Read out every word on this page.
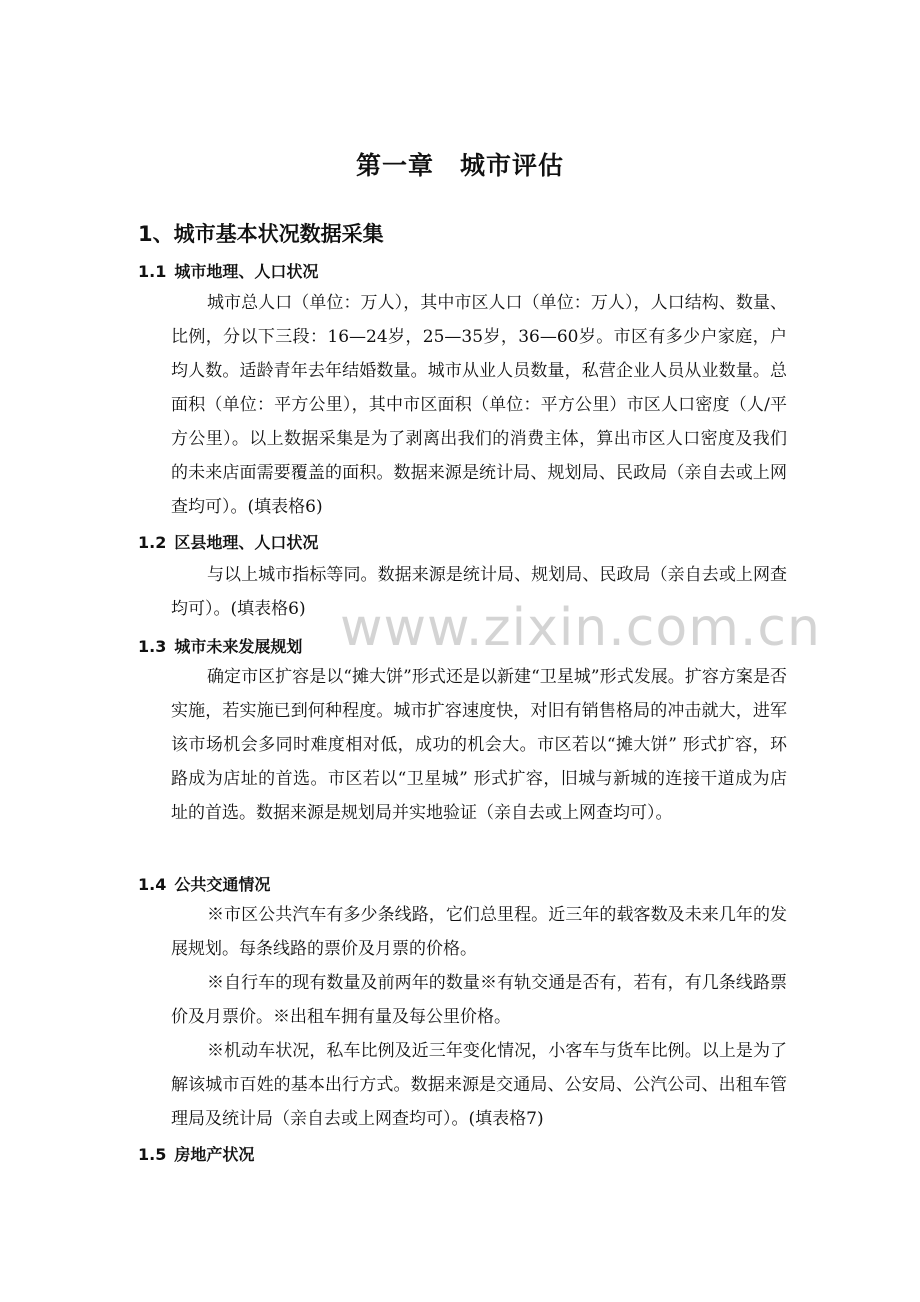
第一章　城市评估
1、城市基本状况数据采集
1.1 城市地理、人口状况

城市总人口（单位：万人），其中市区人口（单位：万人），人口结构、数量、比例，分以下三段：16—24岁，25—35岁，36—60岁。市区有多少户家庭，户均人数。适龄青年去年结婚数量。城市从业人员数量，私营企业人员从业数量。总面积（单位：平方公里），其中市区面积（单位：平方公里）市区人口密度（人/平方公里）。以上数据采集是为了剥离出我们的消费主体，算出市区人口密度及我们的未来店面需要覆盖的面积。数据来源是统计局、规划局、民政局（亲自去或上网查均可）。(填表格6)

1.2 区县地理、人口状况

与以上城市指标等同。数据来源是统计局、规划局、民政局（亲自去或上网查均可）。(填表格6)

1.3 城市未来发展规划

确定市区扩容是以“摊大饼”形式还是以新建“卫星城”形式发展。扩容方案是否实施，若实施已到何种程度。城市扩容速度快，对旧有销售格局的冲击就大，进军该市场机会多同时难度相对低，成功的机会大。市区若以“摊大饼” 形式扩容，环路成为店址的首选。市区若以“卫星城” 形式扩容，旧城与新城的连接干道成为店址的首选。数据来源是规划局并实地验证（亲自去或上网查均可）。

1.4 公共交通情况

※市区公共汽车有多少条线路，它们总里程。近三年的载客数及未来几年的发展规划。每条线路的票价及月票的价格。

※自行车的现有数量及前两年的数量※有轨交通是否有，若有，有几条线路票价及月票价。※出租车拥有量及每公里价格。

※机动车状况，私车比例及近三年变化情况，小客车与货车比例。以上是为了解该城市百姓的基本出行方式。数据来源是交通局、公安局、公汽公司、出租车管理局及统计局（亲自去或上网查均可）。(填表格7)

1.5 房地产状况
www.zixin.com.cn
